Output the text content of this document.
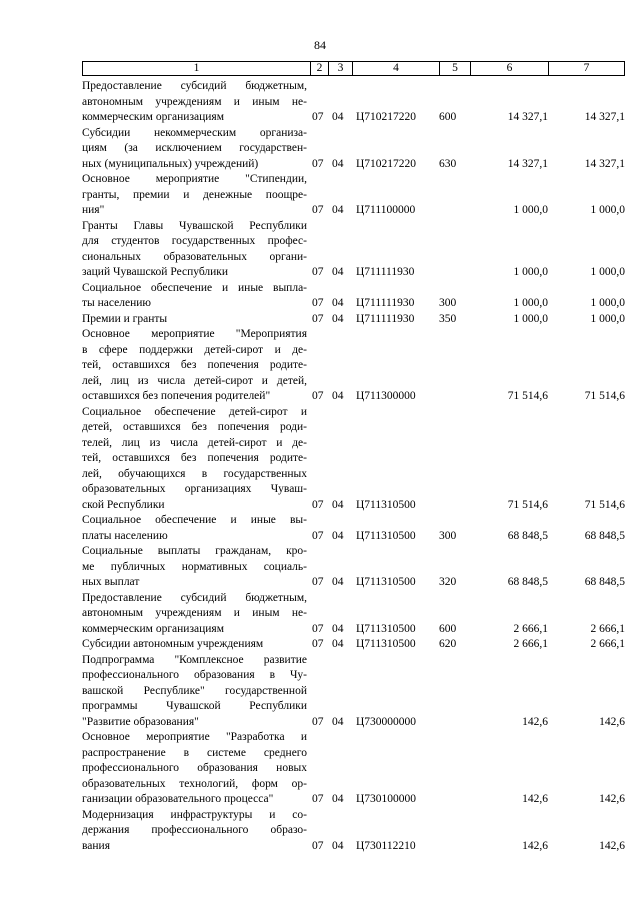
84
1	2	3	4	5	6	7
Предоставление субсидий бюджетным,
автономным учреждениям и иным не-
коммерческим организациям	07 04	Ц710217220	600	14 327,1	14 327,1
Субсидии некоммерческим организа-
циям (за исключением государствен-
ных (муниципальных) учреждений)	07 04	Ц710217220	630	14 327,1	14 327,1
Основное мероприятие "Стипендии,
гранты, премии и денежные поощре-
ния"	07 04	Ц711100000	1 000,0	1 000,0
Гранты Главы Чувашской Республики
для студентов государственных профес-
сиональных образовательных органи-
заций Чувашской Республики	07 04	Ц711111930	1 000,0	1 000,0
Социальное обеспечение и иные выпла-
ты населению	07 04	Ц711111930	300	1 000,0	1 000,0
Премии и гранты	07 04	Ц711111930	350	1 000,0	1 000,0
Основное мероприятие "Мероприятия
в сфере поддержки детей-сирот и де-
тей, оставшихся без попечения родите-
лей, лиц из числа детей-сирот и детей,
оставшихся без попечения родителей"	07 04	Ц711300000	71 514,6	71 514,6
Социальное обеспечение детей-сирот и
детей, оставшихся без попечения роди-
телей, лиц из числа детей-сирот и де-
тей, оставшихся без попечения родите-
лей, обучающихся в государственных
образовательных организациях Чуваш-
ской Республики	07 04	Ц711310500	71 514,6	71 514,6
Социальное обеспечение и иные вы-
платы населению	07 04	Ц711310500	300	68 848,5	68 848,5
Социальные выплаты гражданам, кро-
ме публичных нормативных социаль-
ных выплат	07 04	Ц711310500	320	68 848,5	68 848,5
Предоставление субсидий бюджетным,
автономным учреждениям и иным не-
коммерческим организациям	07 04	Ц711310500	600	2 666,1	2 666,1
Субсидии автономным учреждениям	07 04	Ц711310500	620	2 666,1	2 666,1
Подпрограмма "Комплексное развитие
профессионального образования в Чу-
вашской Республике" государственной
программы Чувашской Республики
"Развитие образования"	07 04	Ц730000000	142,6	142,6
Основное мероприятие "Разработка и
распространение в системе среднего
профессионального образования новых
образовательных технологий, форм ор-
ганизации образовательного процесса"	07 04	Ц730100000	142,6	142,6
Модернизация инфраструктуры и со-
держания профессионального образо-
вания	07 04	Ц730112210	142,6	142,6
